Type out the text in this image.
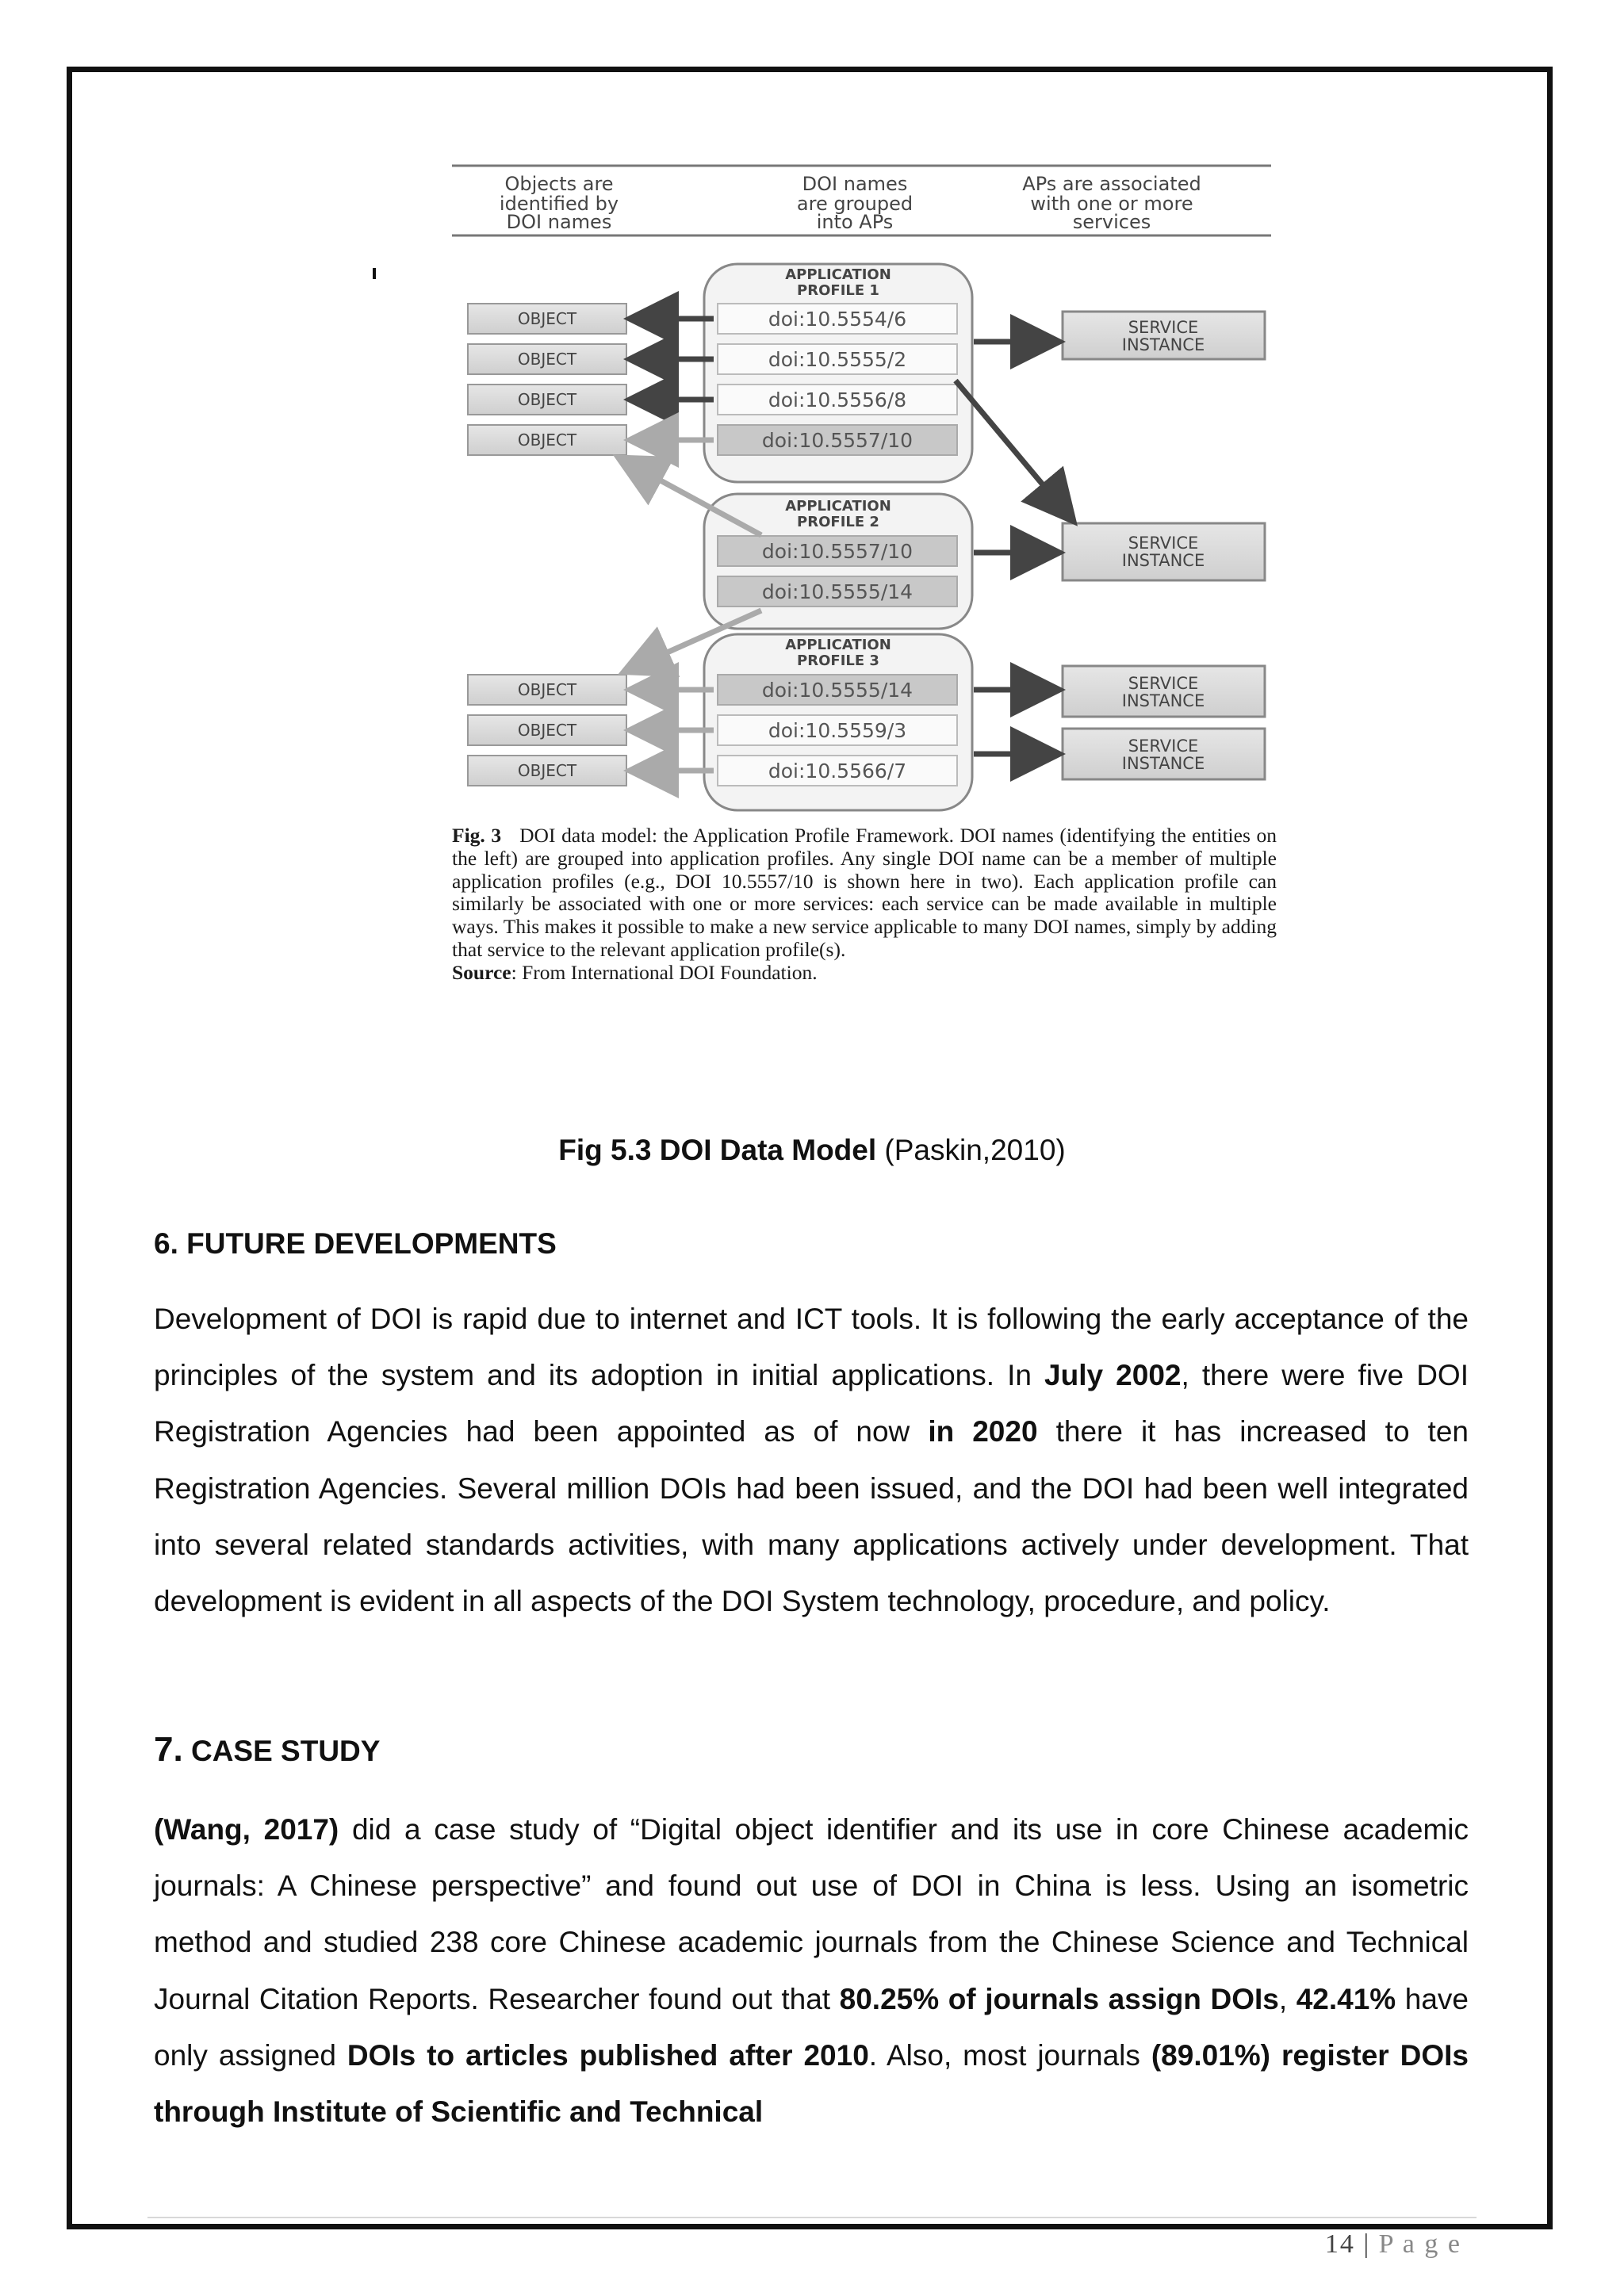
Objects are
identified by
DOI names
DOI names
are grouped
into APs
APs are associated
with one or more
services
APPLICATION
PROFILE 1
APPLICATION
PROFILE 2
APPLICATION
PROFILE 3
doi:10.5554/6
doi:10.5555/2
doi:10.5556/8
doi:10.5557/10
doi:10.5557/10
doi:10.5555/14
doi:10.5555/14
doi:10.5559/3
doi:10.5566/7
OBJECT
OBJECT
OBJECT
OBJECT
OBJECT
OBJECT
OBJECT
SERVICE
INSTANCE
SERVICE
INSTANCE
SERVICE
INSTANCE
SERVICE
INSTANCE
Fig. 3 DOI data model: the Application Profile Framework. DOI names (identifying the entities on the left) are grouped into application profiles. Any single DOI name can be a member of multiple application profiles (e.g., DOI 10.5557/10 is shown here in two). Each application profile can similarly be associated with one or more services: each service can be made available in multiple ways. This makes it possible to make a new service applicable to many DOI names, simply by adding that service to the relevant application profile(s).
Source: From International DOI Foundation.
Fig 5.3 DOI Data Model (Paskin,2010)
6. FUTURE DEVELOPMENTS
Development of DOI is rapid due to internet and ICT tools. It is following the early acceptance of the principles of the system and its adoption in initial applications. In July 2002, there were five DOI Registration Agencies had been appointed as of now in 2020 there it has increased to ten Registration Agencies. Several million DOIs had been issued, and the DOI had been well integrated into several related standards activities, with many applications actively under development. That development is evident in all aspects of the DOI System technology, procedure, and policy.
7. CASE STUDY
(Wang, 2017) did a case study of “Digital object identifier and its use in core Chinese academic journals: A Chinese perspective” and found out use of DOI in China is less. Using an isometric method and studied 238 core Chinese academic journals from the Chinese Science and Technical Journal Citation Reports. Researcher found out that 80.25% of journals assign DOIs, 42.41% have only assigned DOIs to articles published after 2010. Also, most journals (89.01%) register DOIs through Institute of Scientific and Technical
14 | P a g e
